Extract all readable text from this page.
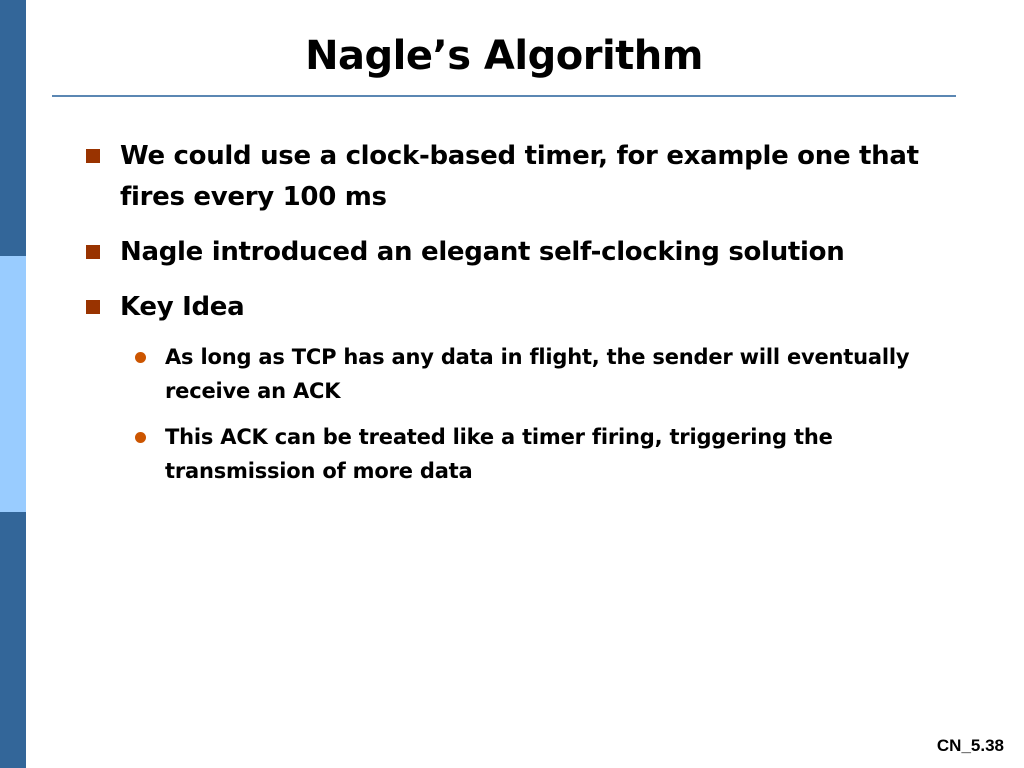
Nagle’s Algorithm
We could use a clock-based timer, for example one that fires every 100 ms
Nagle introduced an elegant self-clocking solution
Key Idea
As long as TCP has any data in flight, the sender will eventually receive an ACK
This ACK can be treated like a timer firing, triggering the transmission of more data
CN_5.38
